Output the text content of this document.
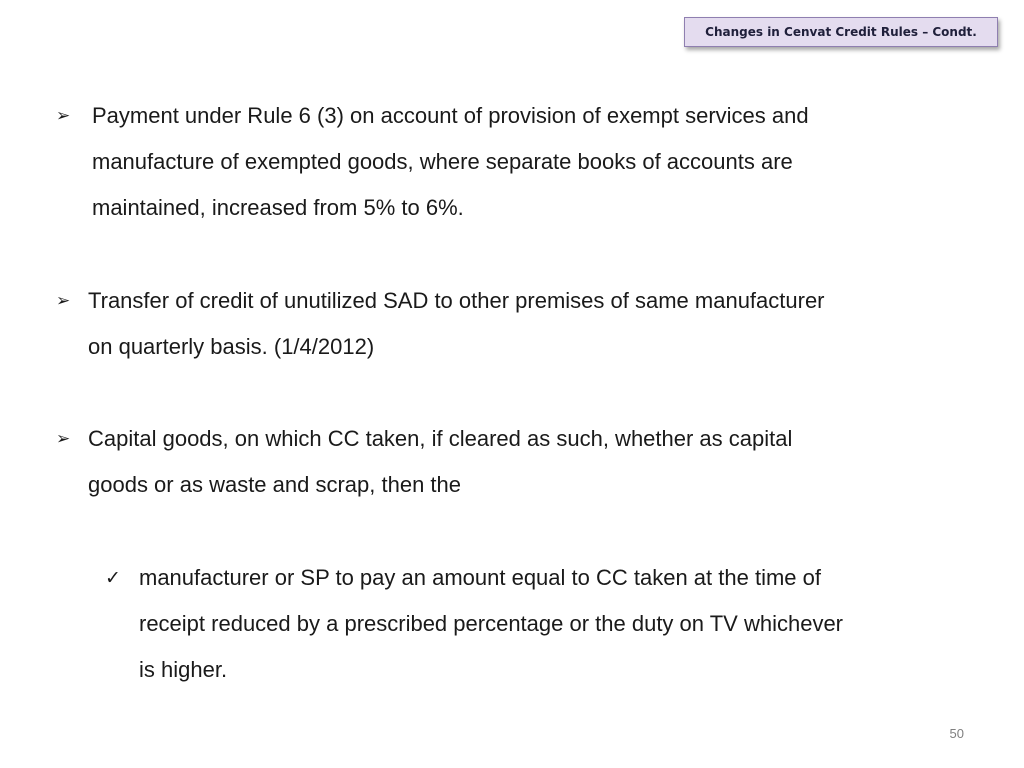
Changes in Cenvat Credit Rules – Condt.
➢ Payment under Rule 6 (3) on account of provision of exempt services and
manufacture of exempted goods, where separate books of accounts are
maintained, increased from 5% to 6%.
➢ Transfer of credit of unutilized SAD to other premises of same manufacturer
on quarterly basis. (1/4/2012)
➢ Capital goods, on which CC taken, if cleared as such, whether as capital
goods or as waste and scrap, then the
✓ manufacturer or SP to pay an amount equal to CC taken at the time of
receipt reduced by a prescribed percentage or the duty on TV whichever
is higher.
50
